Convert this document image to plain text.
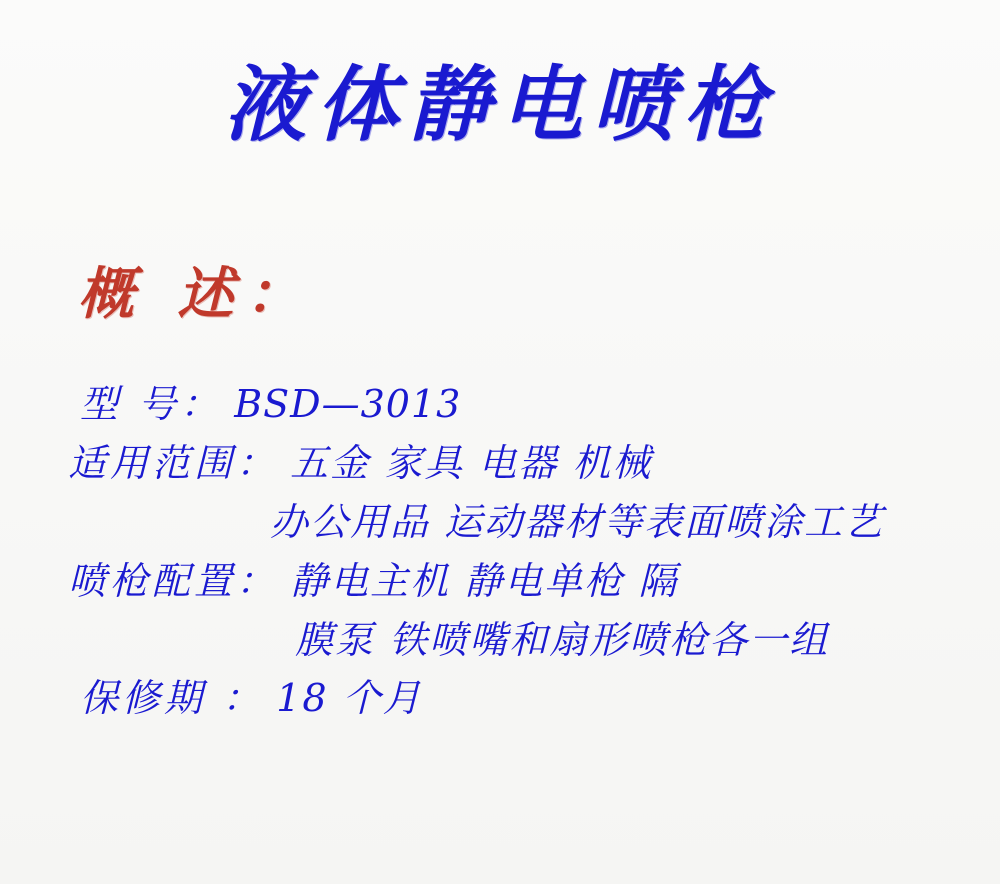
液体静电喷枪
概 述：
型 号： BSD—3013
适用范围： 五金 家具 电器 机械
办公用品 运动器材等表面喷涂工艺
喷枪配置： 静电主机 静电单枪 隔
膜泵 铁喷嘴和扇形喷枪各一组
保修期 ： 18 个月
